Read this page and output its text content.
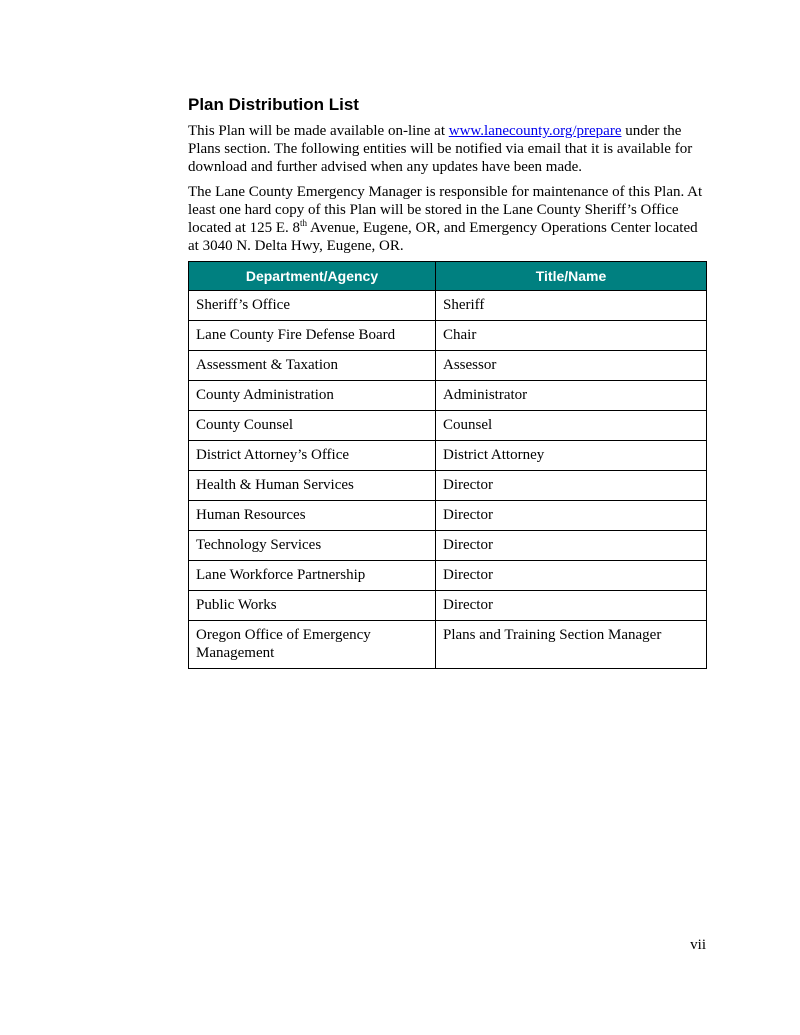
Plan Distribution List

This Plan will be made available on-line at www.lanecounty.org/prepare under the Plans section. The following entities will be notified via email that it is available for download and further advised when any updates have been made.

The Lane County Emergency Manager is responsible for maintenance of this Plan. At least one hard copy of this Plan will be stored in the Lane County Sheriff’s Office located at 125 E. 8th Avenue, Eugene, OR, and Emergency Operations Center located at 3040 N. Delta Hwy, Eugene, OR.

Department/Agency	Title/Name
Sheriff’s Office	Sheriff
Lane County Fire Defense Board	Chair
Assessment & Taxation	Assessor
County Administration	Administrator
County Counsel	Counsel
District Attorney’s Office	District Attorney
Health & Human Services	Director
Human Resources	Director
Technology Services	Director
Lane Workforce Partnership	Director
Public Works	Director
Oregon Office of Emergency Management	Plans and Training Section Manager
vii
